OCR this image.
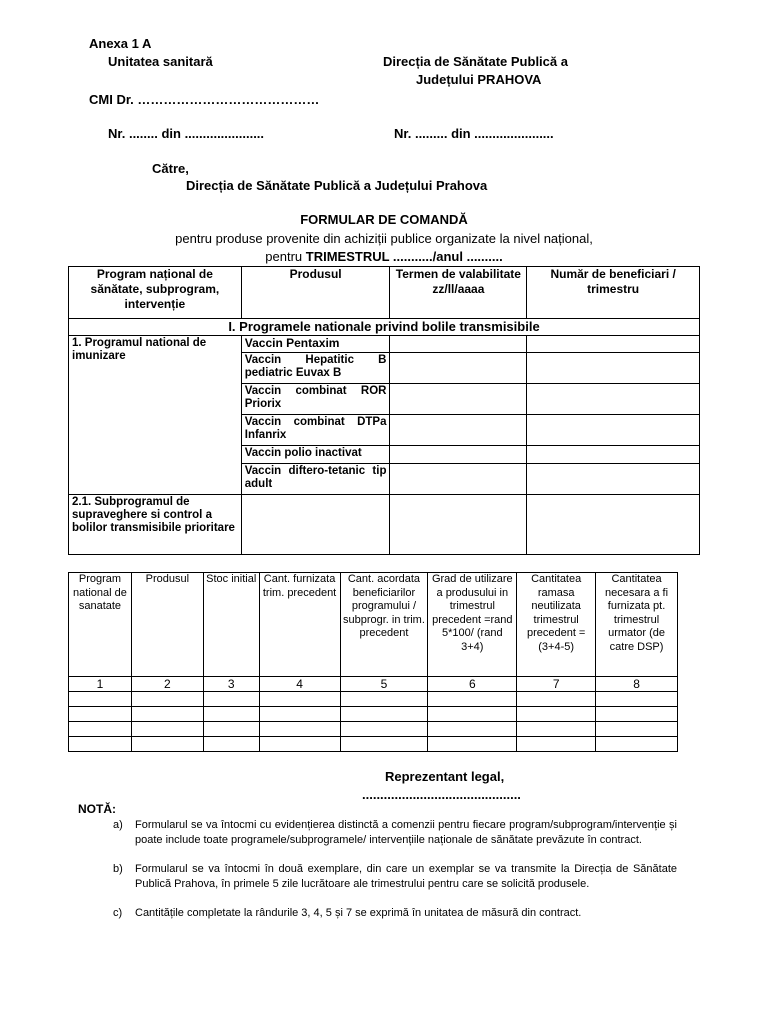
Anexa 1 A
Unitatea sanitară	Direcția de Sănătate Publică a
Județului PRAHOVA
CMI Dr. ……………………………………
Nr. ........ din ......................	Nr. ......... din ......................
Către,
Direcția de Sănătate Publică a Județului Prahova
FORMULAR DE COMANDĂ
pentru produse provenite din achiziții publice organizate la nivel național,
pentru TRIMESTRUL .........../anul ..........
Program național de sănătate, subprogram, intervenție	Produsul	Termen de valabilitate zz/ll/aaaa	Număr de beneficiari / trimestru
I. Programele nationale privind bolile transmisibile			
1. Programul national de imunizare	Vaccin Pentaxim		
	Vaccin Hepatitic B pediatric Euvax B		
	Vaccin combinat ROR Priorix		
	Vaccin combinat DTPa Infanrix		
	Vaccin polio inactivat		
	Vaccin diftero-tetanic tip adult		
2.1. Subprogramul de supraveghere si control a bolilor transmisibile prioritare			
Program national de sanatate	Produsul	Stoc initial	Cant. furnizata trim. precedent	Cant. acordata beneficiarilor programului / subprogr. in trim. precedent	Grad de utilizare a produsului in trimestrul precedent =rand 5*100/ (rand 3+4)	Cantitatea ramasa neutilizata trimestrul precedent =(3+4-5)	Cantitatea necesara a fi furnizata pt. trimestrul urmator (de catre DSP)
1	2	3	4	5	6	7	8

Reprezentant legal,
............................................
NOTĂ:
a) Formularul se va întocmi cu evidențierea distinctă a comenzii pentru fiecare program/subprogram/intervenție și poate include toate programele/subprogramele/ intervențiile naționale de sănătate prevăzute în contract.
b) Formularul se va întocmi în două exemplare, din care un exemplar se va transmite la Direcția de Sănătate Publică Prahova, în primele 5 zile lucrătoare ale trimestrului pentru care se solicită produsele.
c) Cantitățile completate la rândurile 3, 4, 5 și 7 se exprimă în unitatea de măsură din contract.
